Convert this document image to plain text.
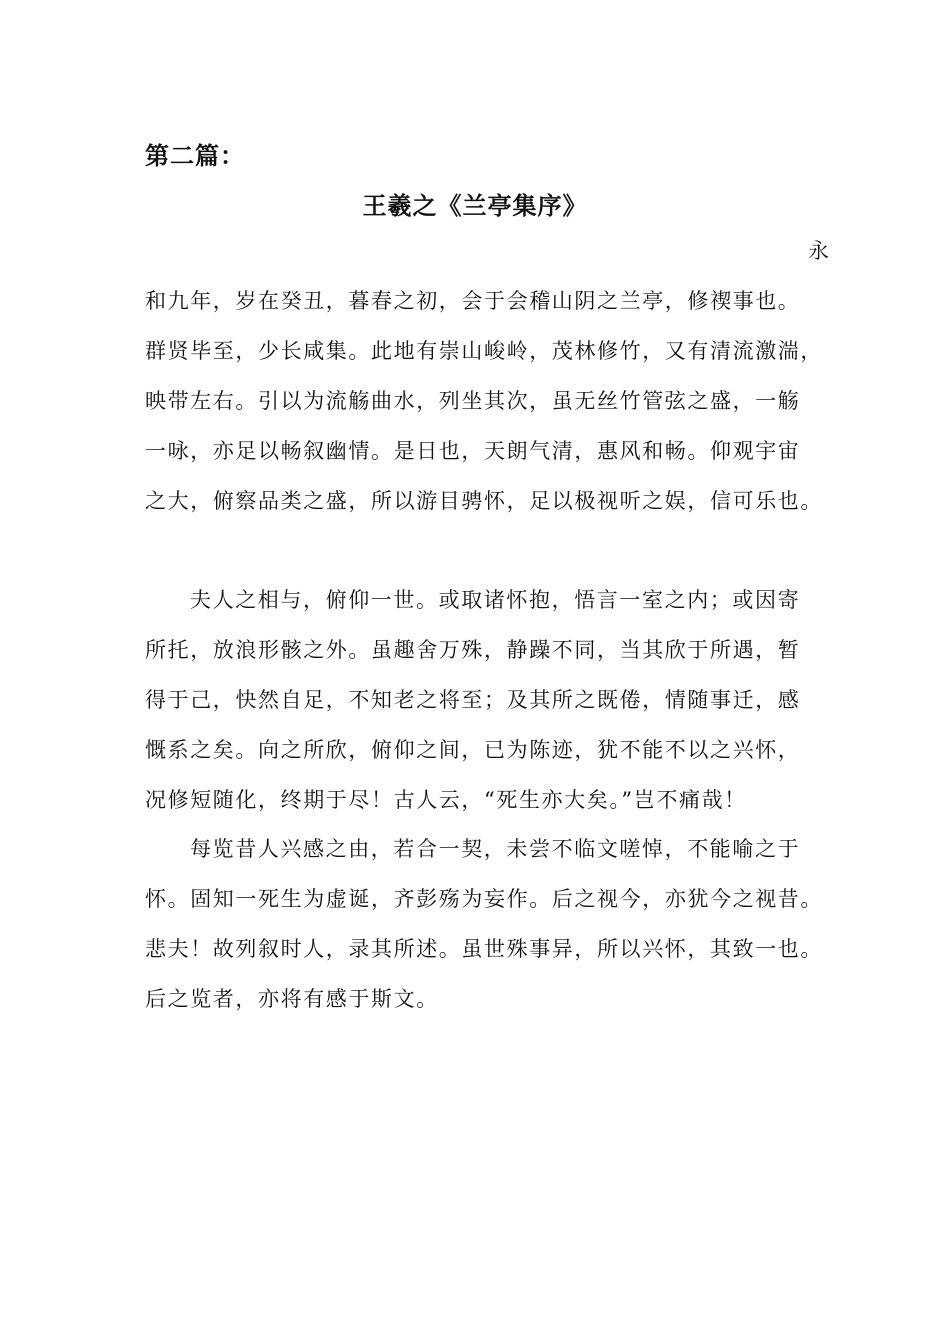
第二篇：
王羲之《兰亭集序》
永
和九年，岁在癸丑，暮春之初，会于会稽山阴之兰亭，修禊事也。
群贤毕至，少长咸集。此地有崇山峻岭，茂林修竹，又有清流激湍，
映带左右。引以为流觞曲水，列坐其次，虽无丝竹管弦之盛，一觞
一咏，亦足以畅叙幽情。是日也，天朗气清，惠风和畅。仰观宇宙
之大，俯察品类之盛，所以游目骋怀，足以极视听之娱，信可乐也。
夫人之相与，俯仰一世。或取诸怀抱，悟言一室之内；或因寄
所托，放浪形骸之外。虽趣舍万殊，静躁不同，当其欣于所遇，暂
得于己，快然自足，不知老之将至；及其所之既倦，情随事迁，感
慨系之矣。向之所欣，俯仰之间，已为陈迹，犹不能不以之兴怀，
况修短随化，终期于尽！古人云，“死生亦大矣。”岂不痛哉！
每览昔人兴感之由，若合一契，未尝不临文嗟悼，不能喻之于
怀。固知一死生为虚诞，齐彭殇为妄作。后之视今，亦犹今之视昔。
悲夫！故列叙时人，录其所述。虽世殊事异，所以兴怀，其致一也。
后之览者，亦将有感于斯文。
